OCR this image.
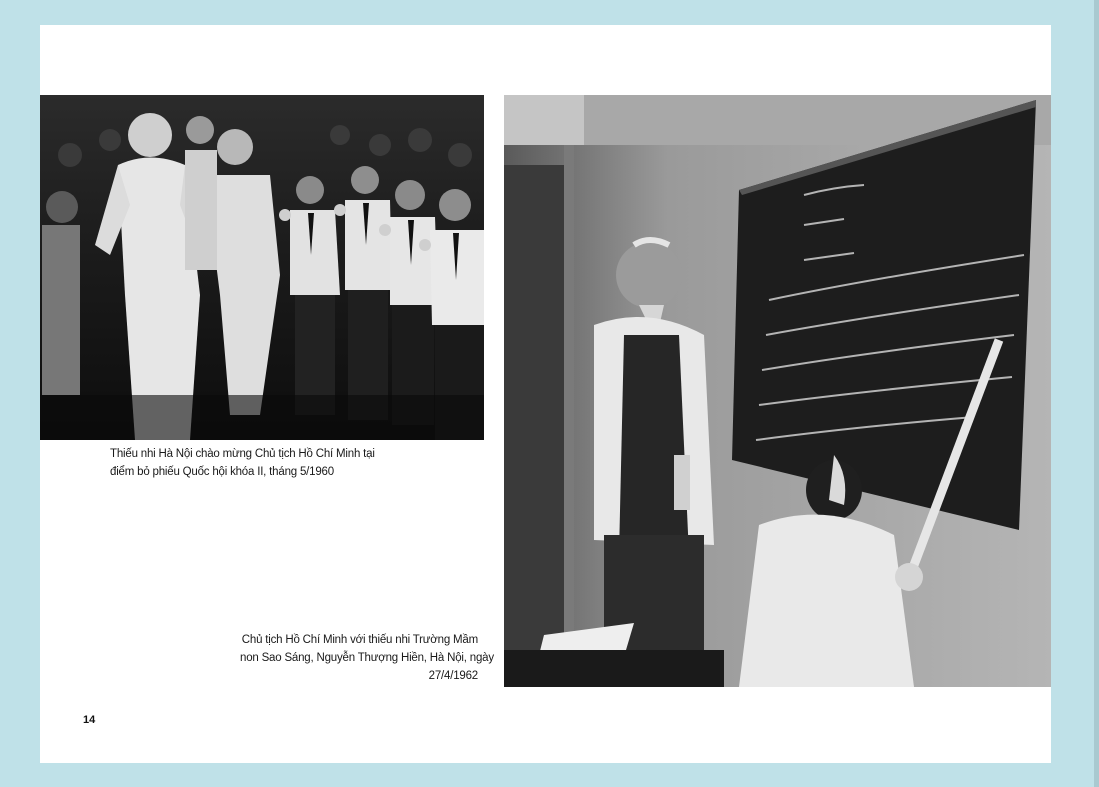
Thiếu nhi Hà Nội chào mừng Chủ tịch Hồ Chí Minh tại
điểm bỏ phiếu Quốc hội khóa II, tháng 5/1960
Chủ tịch Hồ Chí Minh với thiếu nhi Trường Mầm
non Sao Sáng, Nguyễn Thượng Hiền, Hà Nội, ngày
27/4/1962
14
